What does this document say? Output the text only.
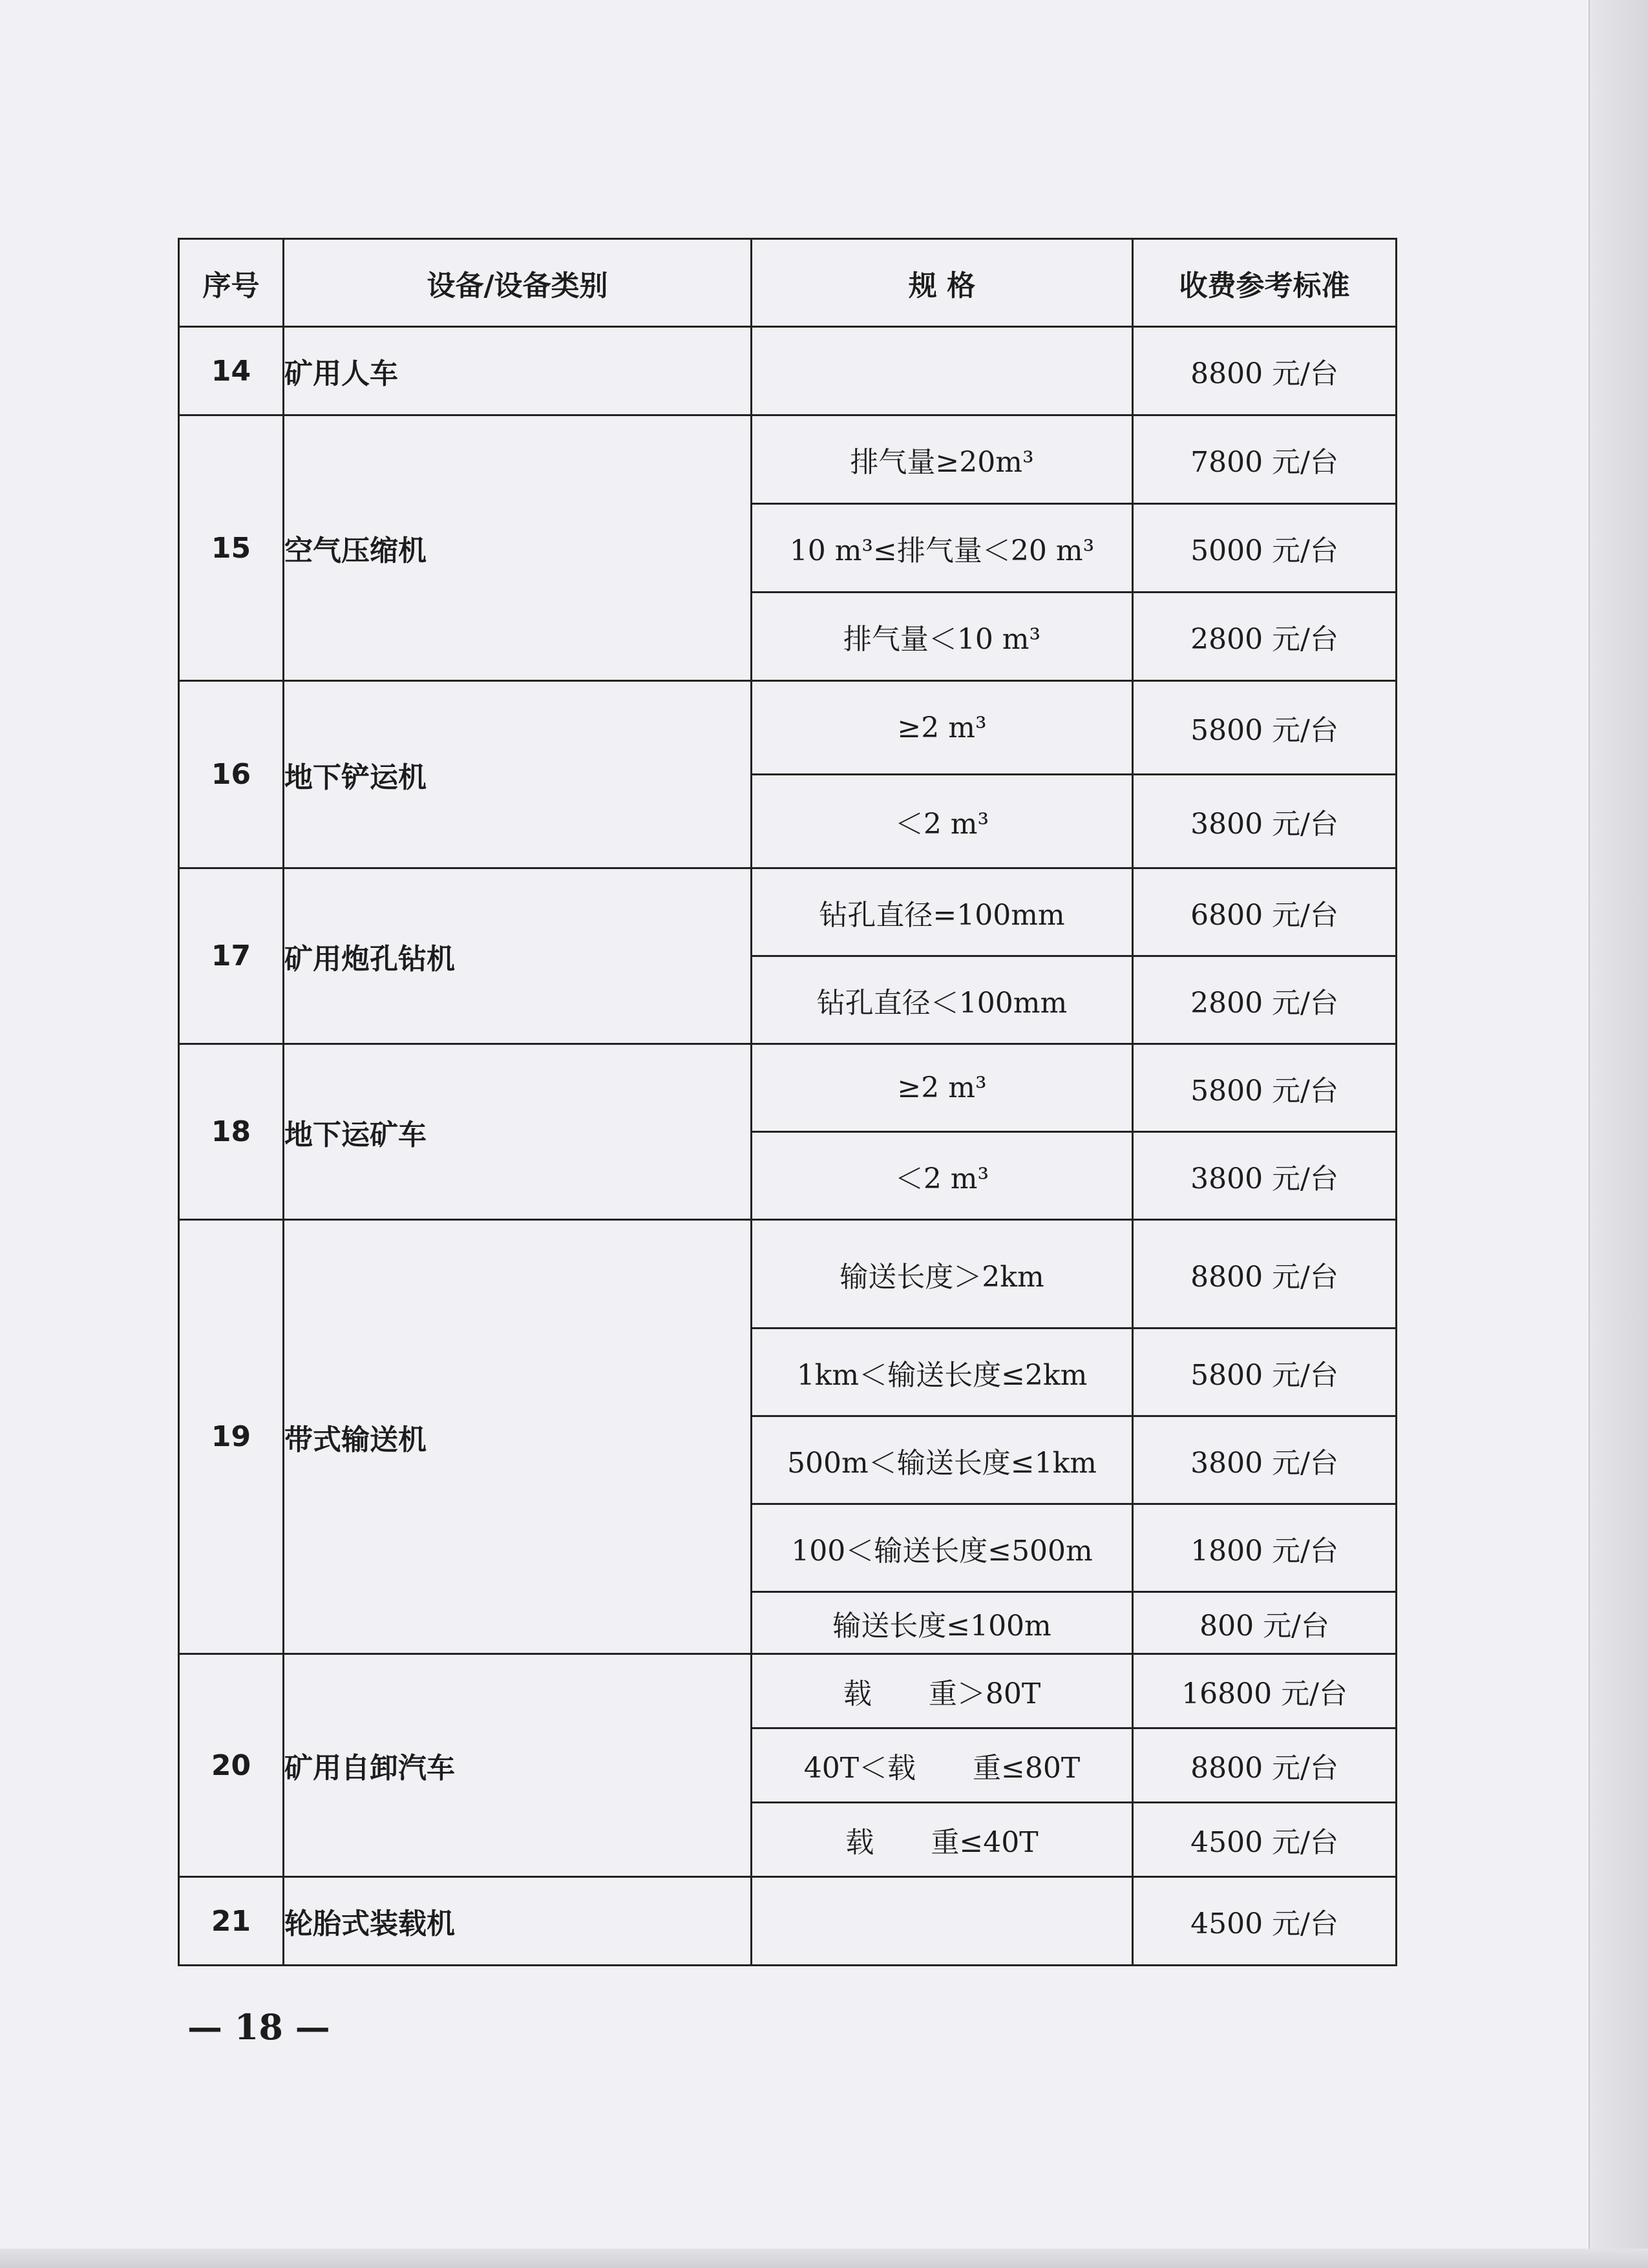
序号	设备/设备类别	规 格	收费参考标准
14	矿用人车		8800 元/台
15	空气压缩机	排气量≥20m³	7800 元/台
		10 m³≤排气量＜20 m³	5000 元/台
		排气量＜10 m³	2800 元/台
16	地下铲运机	≥2 m³	5800 元/台
		＜2 m³	3800 元/台
17	矿用炮孔钻机	钻孔直径=100mm	6800 元/台
		钻孔直径＜100mm	2800 元/台
18	地下运矿车	≥2 m³	5800 元/台
		＜2 m³	3800 元/台
19	带式输送机	输送长度＞2km	8800 元/台
		1km＜输送长度≤2km	5800 元/台
		500m＜输送长度≤1km	3800 元/台
		100＜输送长度≤500m	1800 元/台
		输送长度≤100m	800 元/台
20	矿用自卸汽车	载　　重＞80T	16800 元/台
		40T＜载　　重≤80T	8800 元/台
		载　　重≤40T	4500 元/台
21	轮胎式装载机		4500 元/台
— 18 —
